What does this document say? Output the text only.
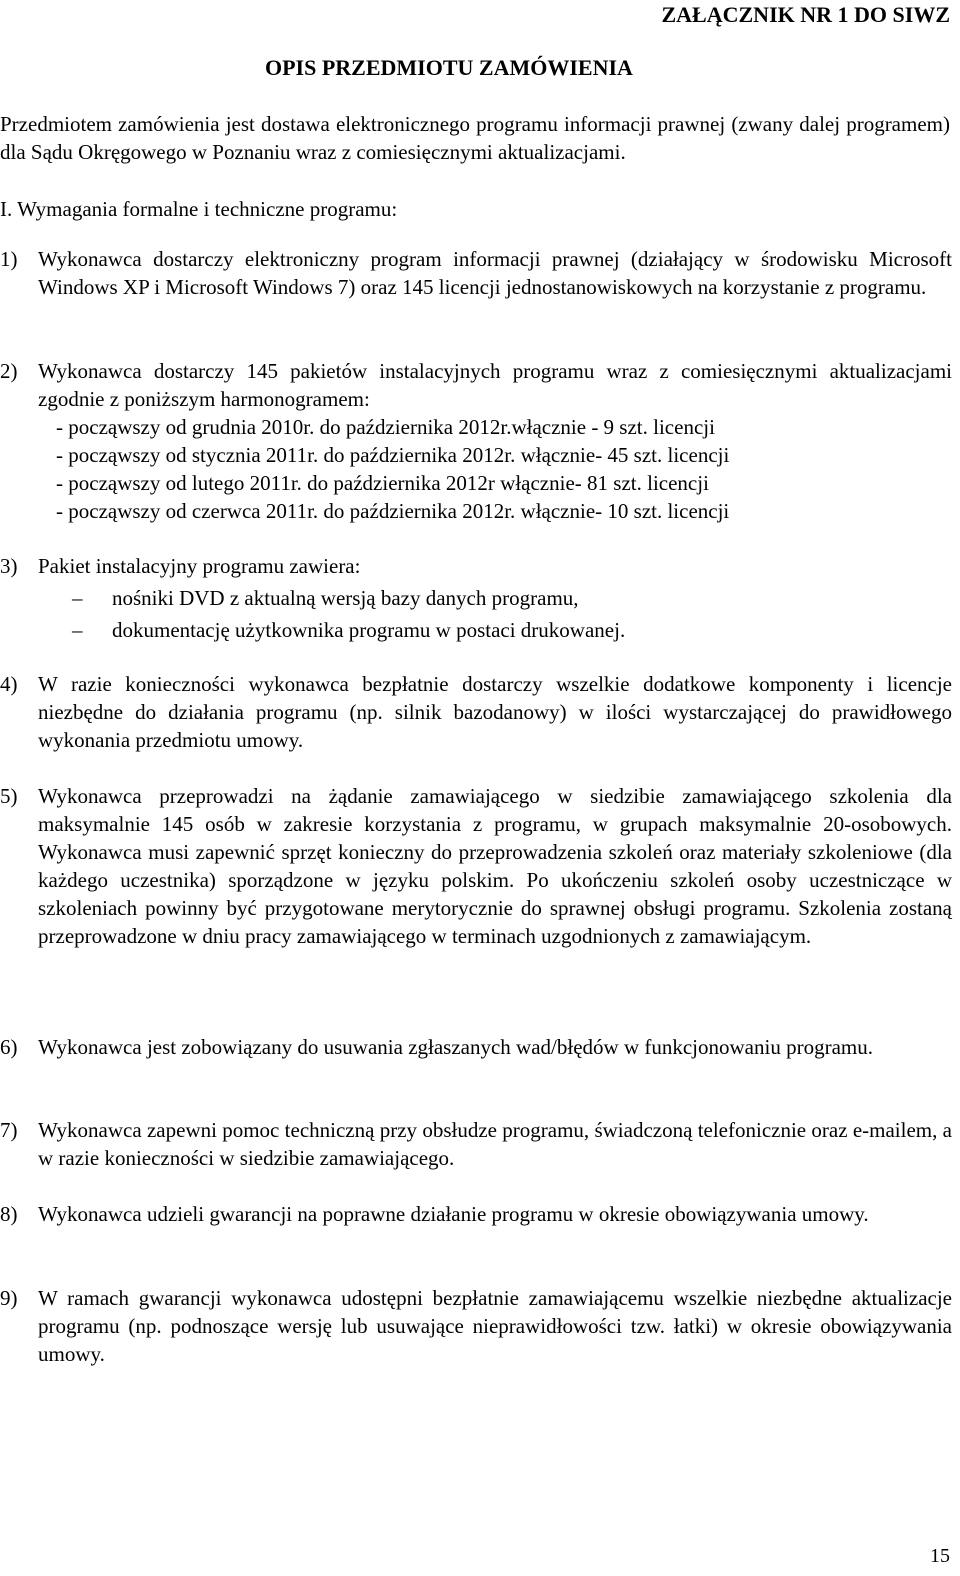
ZAŁĄCZNIK NR 1 DO SIWZ
OPIS PRZEDMIOTU ZAMÓWIENIA
Przedmiotem zamówienia jest dostawa elektronicznego programu informacji prawnej (zwany dalej programem) dla Sądu Okręgowego w Poznaniu wraz z comiesięcznymi aktualizacjami.
I. Wymagania formalne i techniczne programu:
1) Wykonawca dostarczy elektroniczny program informacji prawnej (działający w środowisku Microsoft Windows XP i Microsoft Windows 7) oraz 145 licencji jednostanowiskowych na korzystanie z programu.
2) Wykonawca dostarczy 145 pakietów instalacyjnych programu wraz z comiesięcznymi aktualizacjami zgodnie z poniższym harmonogramem:
- począwszy od grudnia 2010r. do października 2012r.włącznie - 9 szt. licencji
- począwszy od stycznia 2011r. do października 2012r. włącznie- 45 szt. licencji
- począwszy od lutego 2011r. do października 2012r włącznie- 81 szt. licencji
- począwszy od czerwca 2011r. do października 2012r. włącznie- 10 szt. licencji
3) Pakiet instalacyjny programu zawiera:
– nośniki DVD z aktualną wersją bazy danych programu,
– dokumentację użytkownika programu w postaci drukowanej.
4) W razie konieczności wykonawca bezpłatnie dostarczy wszelkie dodatkowe komponenty i licencje niezbędne do działania programu (np. silnik bazodanowy) w ilości wystarczającej do prawidłowego wykonania przedmiotu umowy.
5) Wykonawca przeprowadzi na żądanie zamawiającego w siedzibie zamawiającego szkolenia dla maksymalnie 145 osób w zakresie korzystania z programu, w grupach maksymalnie 20-osobowych. Wykonawca musi zapewnić sprzęt konieczny do przeprowadzenia szkoleń oraz materiały szkoleniowe (dla każdego uczestnika) sporządzone w języku polskim. Po ukończeniu szkoleń osoby uczestniczące w szkoleniach powinny być przygotowane merytorycznie do sprawnej obsługi programu. Szkolenia zostaną przeprowadzone w dniu pracy zamawiającego w terminach uzgodnionych z zamawiającym.
6) Wykonawca jest zobowiązany do usuwania zgłaszanych wad/błędów w funkcjonowaniu programu.
7) Wykonawca zapewni pomoc techniczną przy obsłudze programu, świadczoną telefonicznie oraz e-mailem, a w razie konieczności w siedzibie zamawiającego.
8) Wykonawca udzieli gwarancji na poprawne działanie programu w okresie obowiązywania umowy.
9) W ramach gwarancji wykonawca udostępni bezpłatnie zamawiającemu wszelkie niezbędne aktualizacje programu (np. podnoszące wersję lub usuwające nieprawidłowości tzw. łatki) w okresie obowiązywania umowy.
15
